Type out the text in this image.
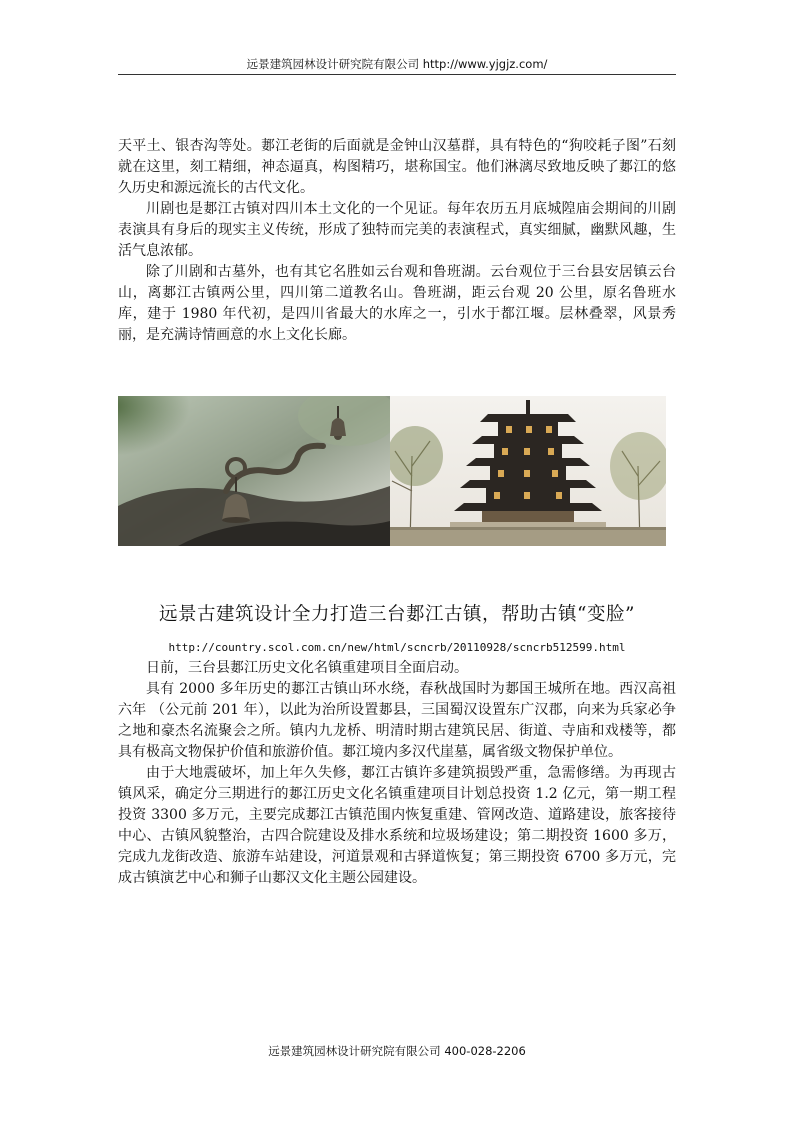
远景建筑园林设计研究院有限公司 http://www.yjgjz.com/

天平土、银杏沟等处。郪江老街的后面就是金钟山汉墓群，具有特色的“狗咬耗子图”石刻就在这里，刻工精细，神态逼真，构图精巧，堪称国宝。他们淋漓尽致地反映了郪江的悠久历史和源远流长的古代文化。

川剧也是郪江古镇对四川本土文化的一个见证。每年农历五月底城隍庙会期间的川剧表演具有身后的现实主义传统，形成了独特而完美的表演程式，真实细腻，幽默风趣，生活气息浓郁。

除了川剧和古墓外，也有其它名胜如云台观和鲁班湖。云台观位于三台县安居镇云台山，离郪江古镇两公里，四川第二道教名山。鲁班湖，距云台观 20 公里，原名鲁班水库，建于 1980 年代初，是四川省最大的水库之一，引水于都江堰。层林叠翠，风景秀丽，是充满诗情画意的水上文化长廊。

远景古建筑设计全力打造三台郪江古镇，帮助古镇“变脸”
http://country.scol.com.cn/new/html/scncrb/20110928/scncrb512599.html

日前，三台县郪江历史文化名镇重建项目全面启动。

具有 2000 多年历史的郪江古镇山环水绕，春秋战国时为郪国王城所在地。西汉高祖六年 （公元前 201 年），以此为治所设置郪县，三国蜀汉设置东广汉郡，向来为兵家必争之地和豪杰名流聚会之所。镇内九龙桥、明清时期古建筑民居、街道、寺庙和戏楼等，都具有极高文物保护价值和旅游价值。郪江境内多汉代崖墓，属省级文物保护单位。

由于大地震破坏，加上年久失修，郪江古镇许多建筑损毁严重，急需修缮。为再现古镇风采，确定分三期进行的郪江历史文化名镇重建项目计划总投资 1.2 亿元，第一期工程投资 3300 多万元，主要完成郪江古镇范围内恢复重建、管网改造、道路建设，旅客接待中心、古镇风貌整治，古四合院建设及排水系统和垃圾场建设；第二期投资 1600 多万，完成九龙街改造、旅游车站建设，河道景观和古驿道恢复；第三期投资 6700 多万元，完成古镇演艺中心和狮子山郪汉文化主题公园建设。

远景建筑园林设计研究院有限公司 400-028-2206
